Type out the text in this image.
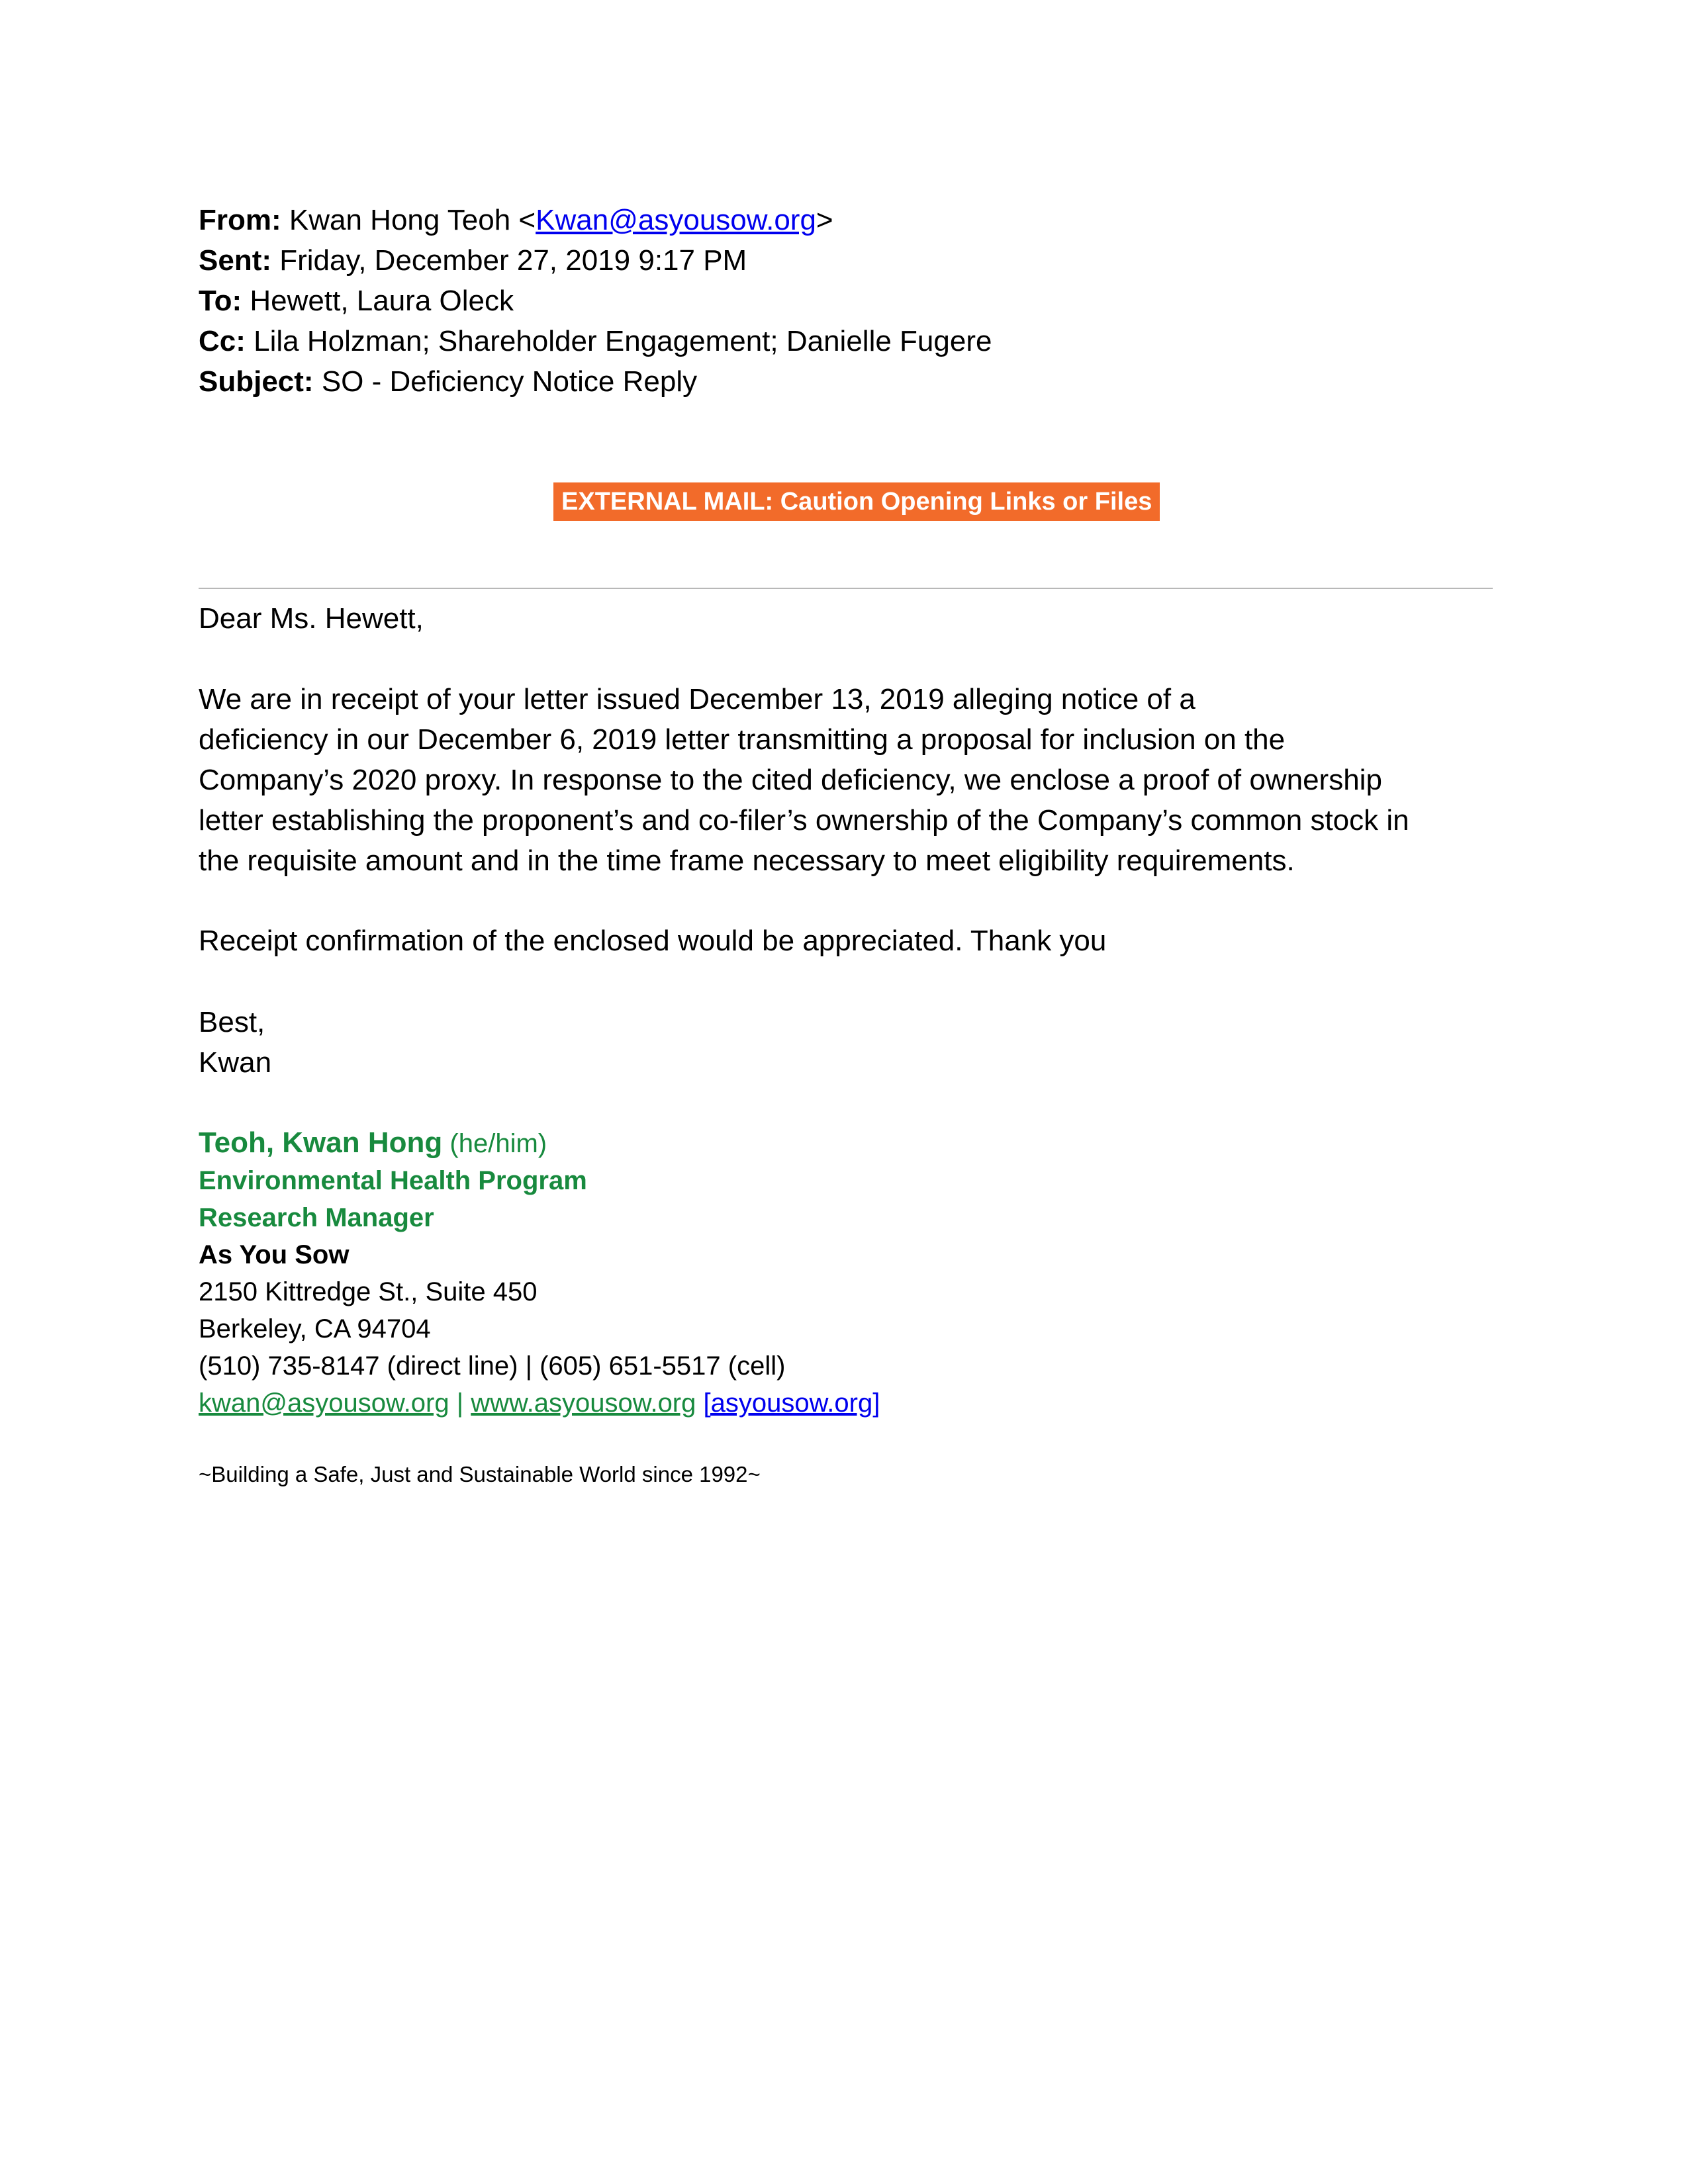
From: Kwan Hong Teoh <Kwan@asyousow.org>
Sent: Friday, December 27, 2019 9:17 PM
To: Hewett, Laura Oleck
Cc: Lila Holzman; Shareholder Engagement; Danielle Fugere
Subject: SO - Deficiency Notice Reply
EXTERNAL MAIL: Caution Opening Links or Files
Dear Ms. Hewett,
We are in receipt of your letter issued December 13, 2019 alleging notice of a
deficiency in our December 6, 2019 letter transmitting a proposal for inclusion on the
Company’s 2020 proxy. In response to the cited deficiency, we enclose a proof of ownership
letter establishing the proponent’s and co-filer’s ownership of the Company’s common stock in
the requisite amount and in the time frame necessary to meet eligibility requirements.
Receipt confirmation of the enclosed would be appreciated. Thank you
Best,
Kwan
Teoh, Kwan Hong (he/him)
Environmental Health Program
Research Manager
As You Sow
2150 Kittredge St., Suite 450
Berkeley, CA 94704
(510) 735-8147 (direct line) | (605) 651-5517 (cell)
kwan@asyousow.org | www.asyousow.org [asyousow.org]
~Building a Safe, Just and Sustainable World since 1992~
